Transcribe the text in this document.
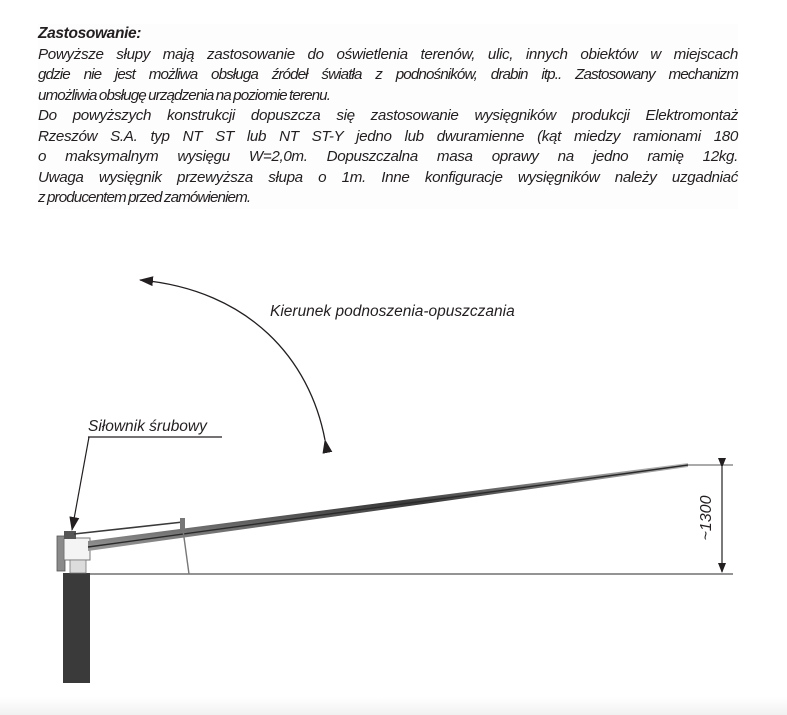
Zastosowanie:

Powyższe słupy mają zastosowanie do oświetlenia terenów, ulic, innych obiektów w miejscach
gdzie nie jest możliwa obsługa źródeł światła z podnośników, drabin itp.. Zastosowany mechanizm
umożliwia obsługę urządzenia na poziomie terenu.

Do powyższych konstrukcji dopuszcza się zastosowanie wysięgników produkcji Elektromontaż
Rzeszów S.A. typ NT ST lub NT ST-Y jedno lub dwuramienne (kąt miedzy ramionami 180
o maksymalnym wysięgu W=2,0m. Dopuszczalna masa oprawy na jedno ramię 12kg.
Uwaga wysięgnik przewyższa słupa o 1m. Inne konfiguracje wysięgników należy uzgadniać
z producentem przed zamówieniem.

Kierunek podnoszenia-opuszczania
Siłownik śrubowy
~1300
